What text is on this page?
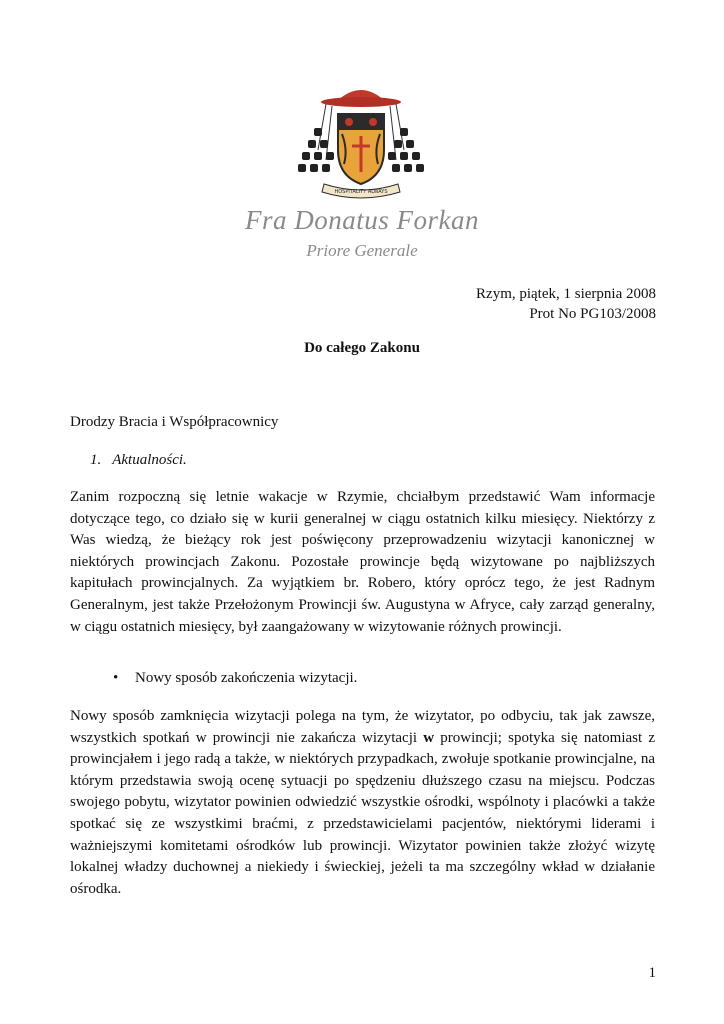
HOSPITALITY ALWAYS
Fra Donatus Forkan
Priore Generale
Rzym, piątek, 1 sierpnia 2008
Prot No PG103/2008
Do całego Zakonu
Drodzy Bracia i Współpracownicy
1. Aktualności.

Zanim rozpoczną się letnie wakacje w Rzymie, chciałbym przedstawić Wam informacje dotyczące tego, co działo się w kurii generalnej w ciągu ostatnich kilku miesięcy. Niektórzy z Was wiedzą, że bieżący rok jest poświęcony przeprowadzeniu wizytacji kanonicznej w niektórych prowincjach Zakonu. Pozostałe prowincje będą wizytowane po najbliższych kapitułach prowincjalnych. Za wyjątkiem br. Robero, który oprócz tego, że jest Radnym Generalnym, jest także Przełożonym Prowincji św. Augustyna w Afryce, cały zarząd generalny, w ciągu ostatnich miesięcy, był zaangażowany w wizytowanie różnych prowincji.

• Nowy sposób zakończenia wizytacji.

Nowy sposób zamknięcia wizytacji polega na tym, że wizytator, po odbyciu, tak jak zawsze, wszystkich spotkań w prowincji nie zakańcza wizytacji w prowincji; spotyka się natomiast z prowincjałem i jego radą a także, w niektórych przypadkach, zwołuje spotkanie prowincjalne, na którym przedstawia swoją ocenę sytuacji po spędzeniu dłuższego czasu na miejscu. Podczas swojego pobytu, wizytator powinien odwiedzić wszystkie ośrodki, wspólnoty i placówki a także spotkać się ze wszystkimi braćmi, z przedstawicielami pacjentów, niektórymi liderami i ważniejszymi komitetami ośrodków lub prowincji. Wizytator powinien także złożyć wizytę lokalnej władzy duchownej a niekiedy i świeckiej, jeżeli ta ma szczególny wkład w działanie ośrodka.

1
